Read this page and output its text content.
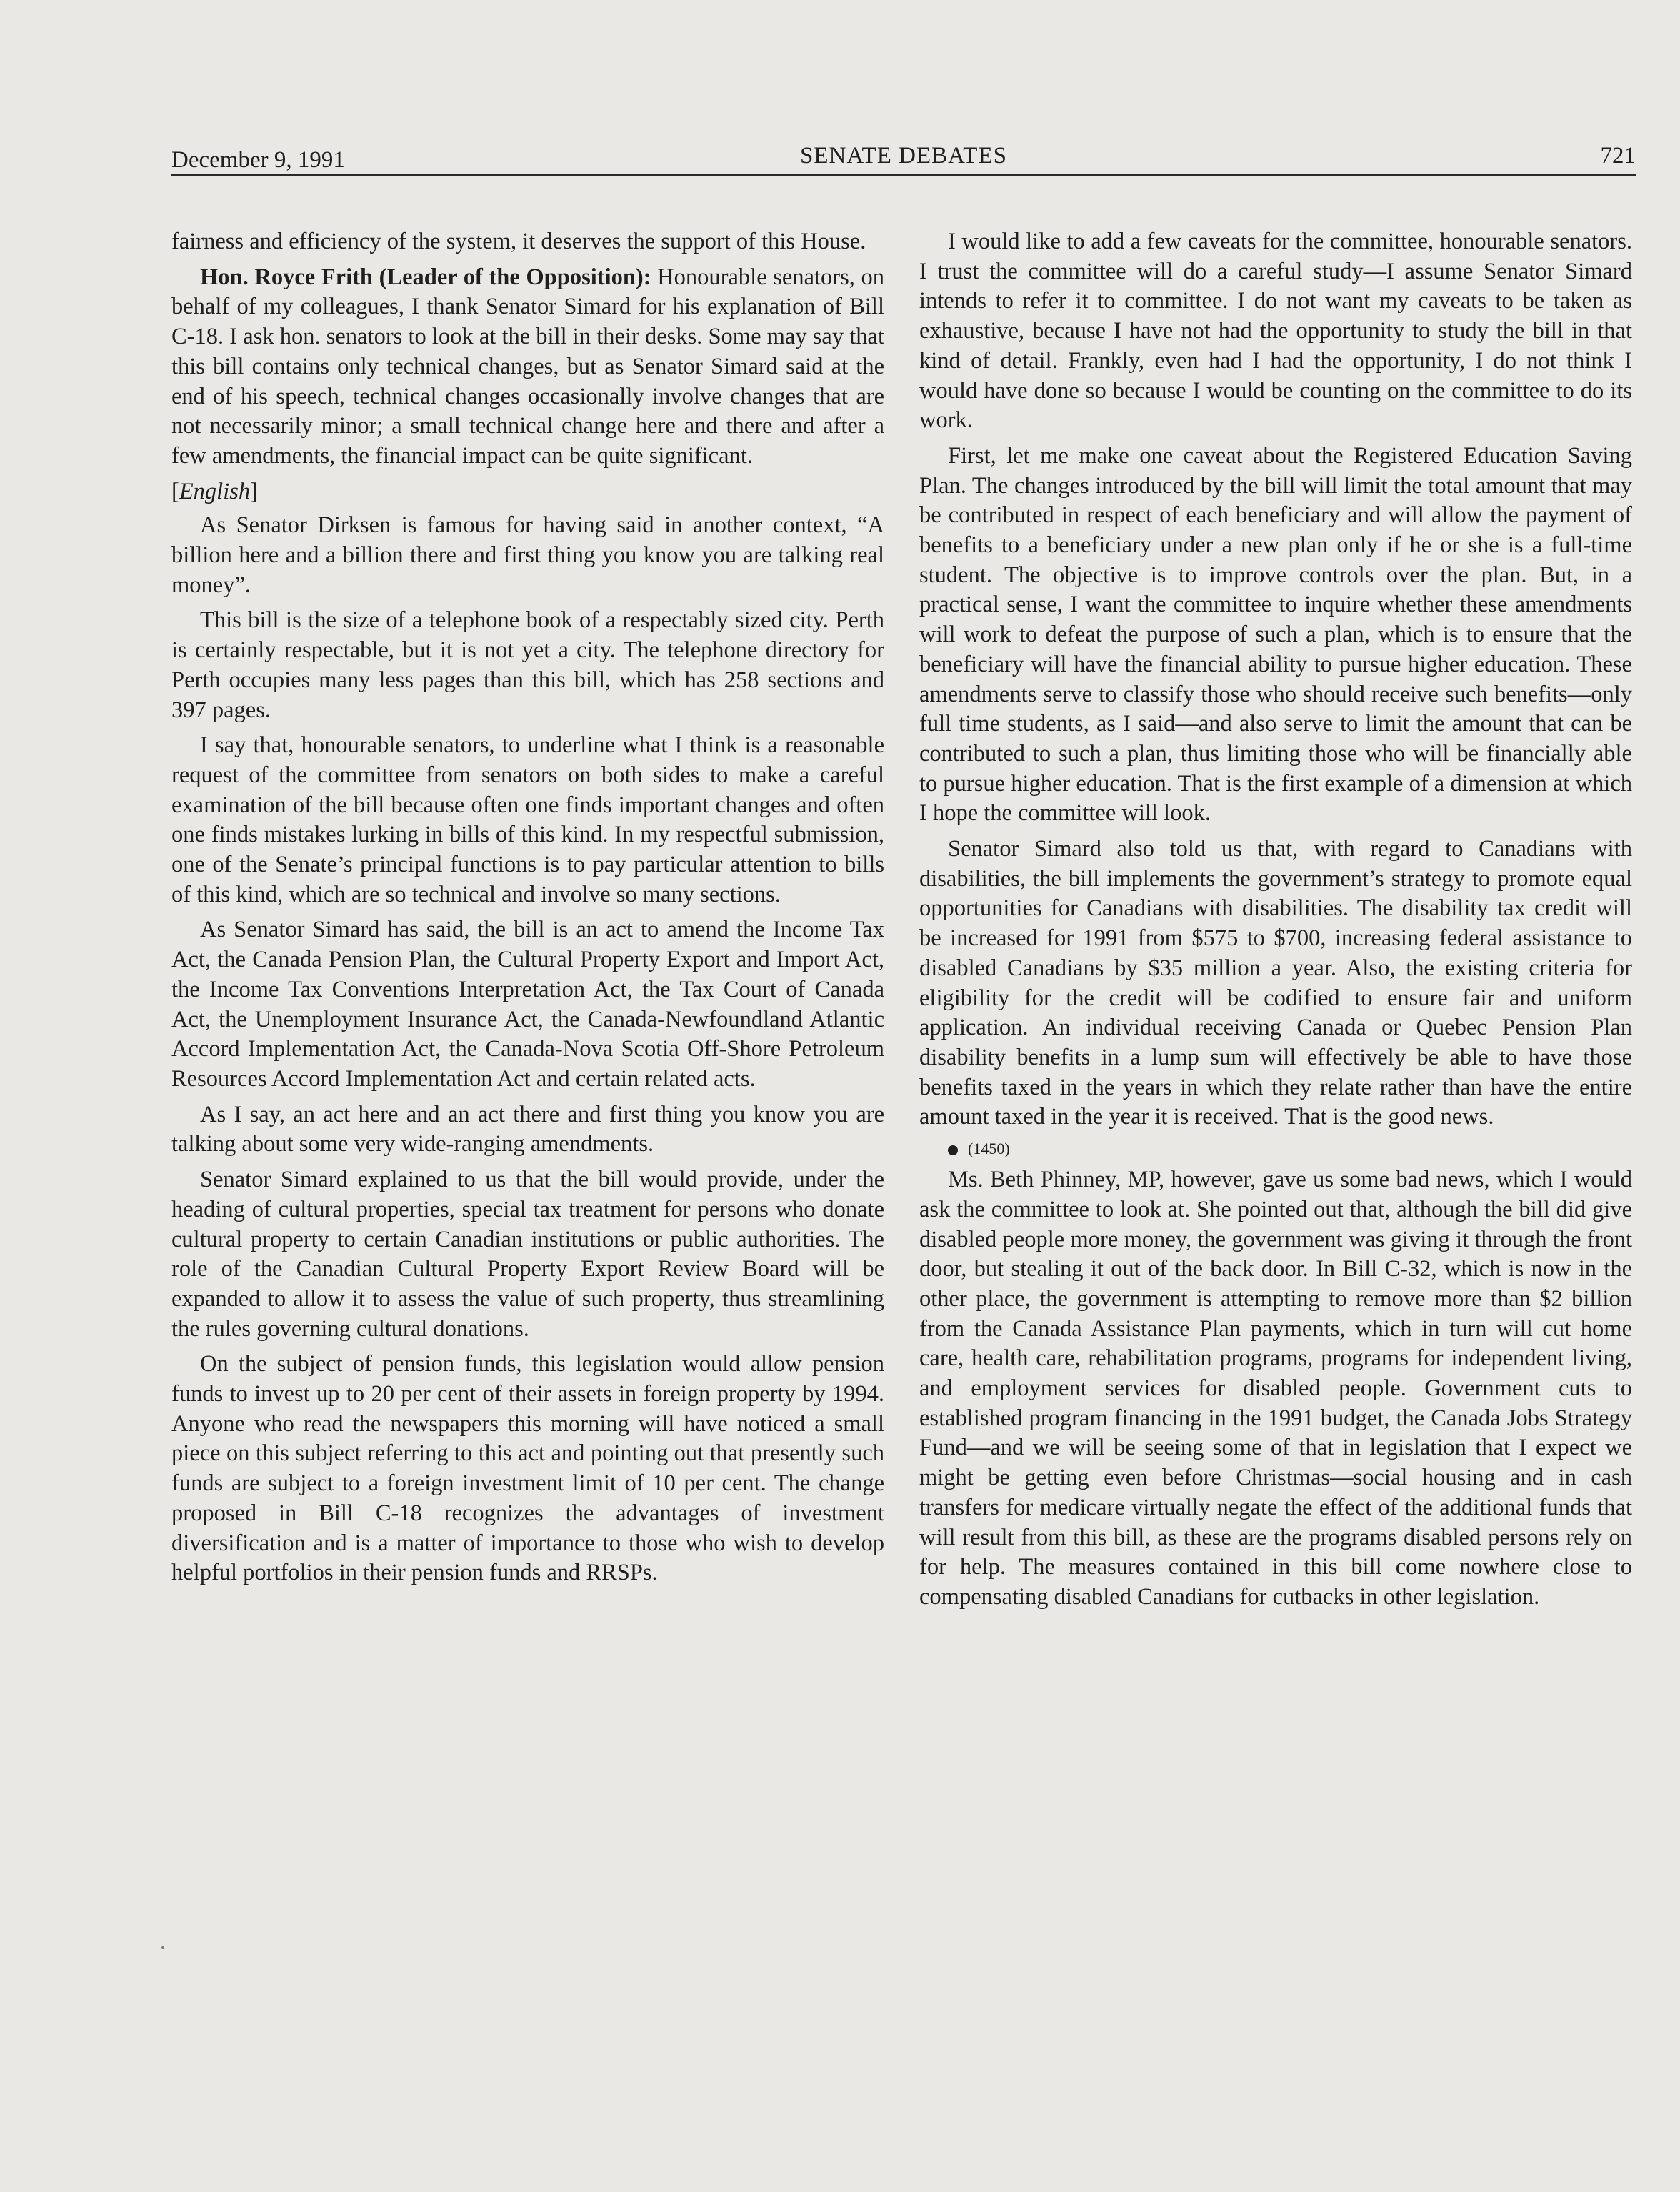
December 9, 1991	SENATE DEBATES	721

fairness and efficiency of the system, it deserves the support of this House.

Hon. Royce Frith (Leader of the Opposition): Honourable senators, on behalf of my colleagues, I thank Senator Simard for his explanation of Bill C-18. I ask hon. senators to look at the bill in their desks. Some may say that this bill contains only technical changes, but as Senator Simard said at the end of his speech, technical changes occasionally involve changes that are not necessarily minor; a small technical change here and there and after a few amendments, the financial impact can be quite significant.

[English]

As Senator Dirksen is famous for having said in another context, “A billion here and a billion there and first thing you know you are talking real money”.

This bill is the size of a telephone book of a respectably sized city. Perth is certainly respectable, but it is not yet a city. The telephone directory for Perth occupies many less pages than this bill, which has 258 sections and 397 pages.

I say that, honourable senators, to underline what I think is a reasonable request of the committee from senators on both sides to make a careful examination of the bill because often one finds important changes and often one finds mistakes lurking in bills of this kind. In my respectful submission, one of the Senate’s principal functions is to pay particular attention to bills of this kind, which are so technical and involve so many sections.

As Senator Simard has said, the bill is an act to amend the Income Tax Act, the Canada Pension Plan, the Cultural Property Export and Import Act, the Income Tax Conventions Interpretation Act, the Tax Court of Canada Act, the Unemployment Insurance Act, the Canada-Newfoundland Atlantic Accord Implementation Act, the Canada-Nova Scotia Off-Shore Petroleum Resources Accord Implementation Act and certain related acts.

As I say, an act here and an act there and first thing you know you are talking about some very wide-ranging amendments.

Senator Simard explained to us that the bill would provide, under the heading of cultural properties, special tax treatment for persons who donate cultural property to certain Canadian institutions or public authorities. The role of the Canadian Cultural Property Export Review Board will be expanded to allow it to assess the value of such property, thus streamlining the rules governing cultural donations.

On the subject of pension funds, this legislation would allow pension funds to invest up to 20 per cent of their assets in foreign property by 1994. Anyone who read the newspapers this morning will have noticed a small piece on this subject referring to this act and pointing out that presently such funds are subject to a foreign investment limit of 10 per cent. The change proposed in Bill C-18 recognizes the advantages of investment diversification and is a matter of importance to those who wish to develop helpful portfolios in their pension funds and RRSPs.

I would like to add a few caveats for the committee, honourable senators. I trust the committee will do a careful study—I assume Senator Simard intends to refer it to committee. I do not want my caveats to be taken as exhaustive, because I have not had the opportunity to study the bill in that kind of detail. Frankly, even had I had the opportunity, I do not think I would have done so because I would be counting on the committee to do its work.

First, let me make one caveat about the Registered Education Saving Plan. The changes introduced by the bill will limit the total amount that may be contributed in respect of each beneficiary and will allow the payment of benefits to a beneficiary under a new plan only if he or she is a full-time student. The objective is to improve controls over the plan. But, in a practical sense, I want the committee to inquire whether these amendments will work to defeat the purpose of such a plan, which is to ensure that the beneficiary will have the financial ability to pursue higher education. These amendments serve to classify those who should receive such benefits—only full time students, as I said—and also serve to limit the amount that can be contributed to such a plan, thus limiting those who will be financially able to pursue higher education. That is the first example of a dimension at which I hope the committee will look.

Senator Simard also told us that, with regard to Canadians with disabilities, the bill implements the government’s strategy to promote equal opportunities for Canadians with disabilities. The disability tax credit will be increased for 1991 from $575 to $700, increasing federal assistance to disabled Canadians by $35 million a year. Also, the existing criteria for eligibility for the credit will be codified to ensure fair and uniform application. An individual receiving Canada or Quebec Pension Plan disability benefits in a lump sum will effectively be able to have those benefits taxed in the years in which they relate rather than have the entire amount taxed in the year it is received. That is the good news.

(1450)

Ms. Beth Phinney, MP, however, gave us some bad news, which I would ask the committee to look at. She pointed out that, although the bill did give disabled people more money, the government was giving it through the front door, but stealing it out of the back door. In Bill C-32, which is now in the other place, the government is attempting to remove more than $2 billion from the Canada Assistance Plan payments, which in turn will cut home care, health care, rehabilitation programs, programs for independent living, and employment services for disabled people. Government cuts to established program financing in the 1991 budget, the Canada Jobs Strategy Fund—and we will be seeing some of that in legislation that I expect we might be getting even before Christmas—social housing and in cash transfers for medicare virtually negate the effect of the additional funds that will result from this bill, as these are the programs disabled persons rely on for help. The measures contained in this bill come nowhere close to compensating disabled Canadians for cutbacks in other legislation.
